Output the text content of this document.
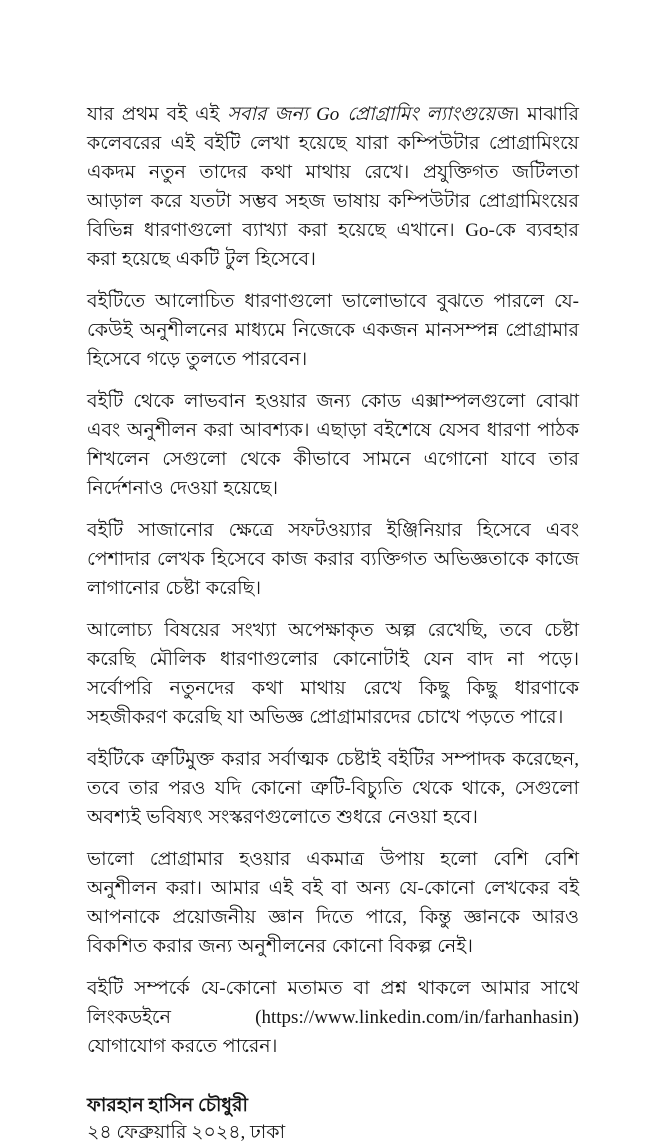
যার প্রথম বই এই সবার জন্য Go প্রোগ্রামিং ল্যাংগুয়েজ। মাঝারি কলেবরের এই বইটি লেখা হয়েছে যারা কম্পিউটার প্রোগ্রামিংয়ে একদম নতুন তাদের কথা মাথায় রেখে। প্রযুক্তিগত জটিলতা আড়াল করে যতটা সম্ভব সহজ ভাষায় কম্পিউটার প্রোগ্রামিংয়ের বিভিন্ন ধারণাগুলো ব্যাখ্যা করা হয়েছে এখানে। Go-কে ব্যবহার করা হয়েছে একটি টুল হিসেবে।

বইটিতে আলোচিত ধারণাগুলো ভালোভাবে বুঝতে পারলে যে-কেউই অনুশীলনের মাধ্যমে নিজেকে একজন মানসম্পন্ন প্রোগ্রামার হিসেবে গড়ে তুলতে পারবেন।

বইটি থেকে লাভবান হওয়ার জন্য কোড এক্সাম্পলগুলো বোঝা এবং অনুশীলন করা আবশ্যক। এছাড়া বইশেষে যেসব ধারণা পাঠক শিখলেন সেগুলো থেকে কীভাবে সামনে এগোনো যাবে তার নির্দেশনাও দেওয়া হয়েছে।

বইটি সাজানোর ক্ষেত্রে সফটওয়্যার ইঞ্জিনিয়ার হিসেবে এবং পেশাদার লেখক হিসেবে কাজ করার ব্যক্তিগত অভিজ্ঞতাকে কাজে লাগানোর চেষ্টা করেছি।

আলোচ্য বিষয়ের সংখ্যা অপেক্ষাকৃত অল্প রেখেছি, তবে চেষ্টা করেছি মৌলিক ধারণাগুলোর কোনোটাই যেন বাদ না পড়ে। সর্বোপরি নতুনদের কথা মাথায় রেখে কিছু কিছু ধারণাকে সহজীকরণ করেছি যা অভিজ্ঞ প্রোগ্রামারদের চোখে পড়তে পারে।

বইটিকে ত্রুটিমুক্ত করার সর্বাত্মক চেষ্টাই বইটির সম্পাদক করেছেন, তবে তার পরও যদি কোনো ত্রুটি-বিচ্যুতি থেকে থাকে, সেগুলো অবশ্যই ভবিষ্যৎ সংস্করণগুলোতে শুধরে নেওয়া হবে।

ভালো প্রোগ্রামার হওয়ার একমাত্র উপায় হলো বেশি বেশি অনুশীলন করা। আমার এই বই বা অন্য যে-কোনো লেখকের বই আপনাকে প্রয়োজনীয় জ্ঞান দিতে পারে, কিন্তু জ্ঞানকে আরও বিকশিত করার জন্য অনুশীলনের কোনো বিকল্প নেই।

বইটি সম্পর্কে যে-কোনো মতামত বা প্রশ্ন থাকলে আমার সাথে লিংকডইনে (https://www.linkedin.com/in/farhanhasin) যোগাযোগ করতে পারেন।

ফারহান হাসিন চৌধুরী
২৪ ফেব্রুয়ারি ২০২৪, ঢাকা
